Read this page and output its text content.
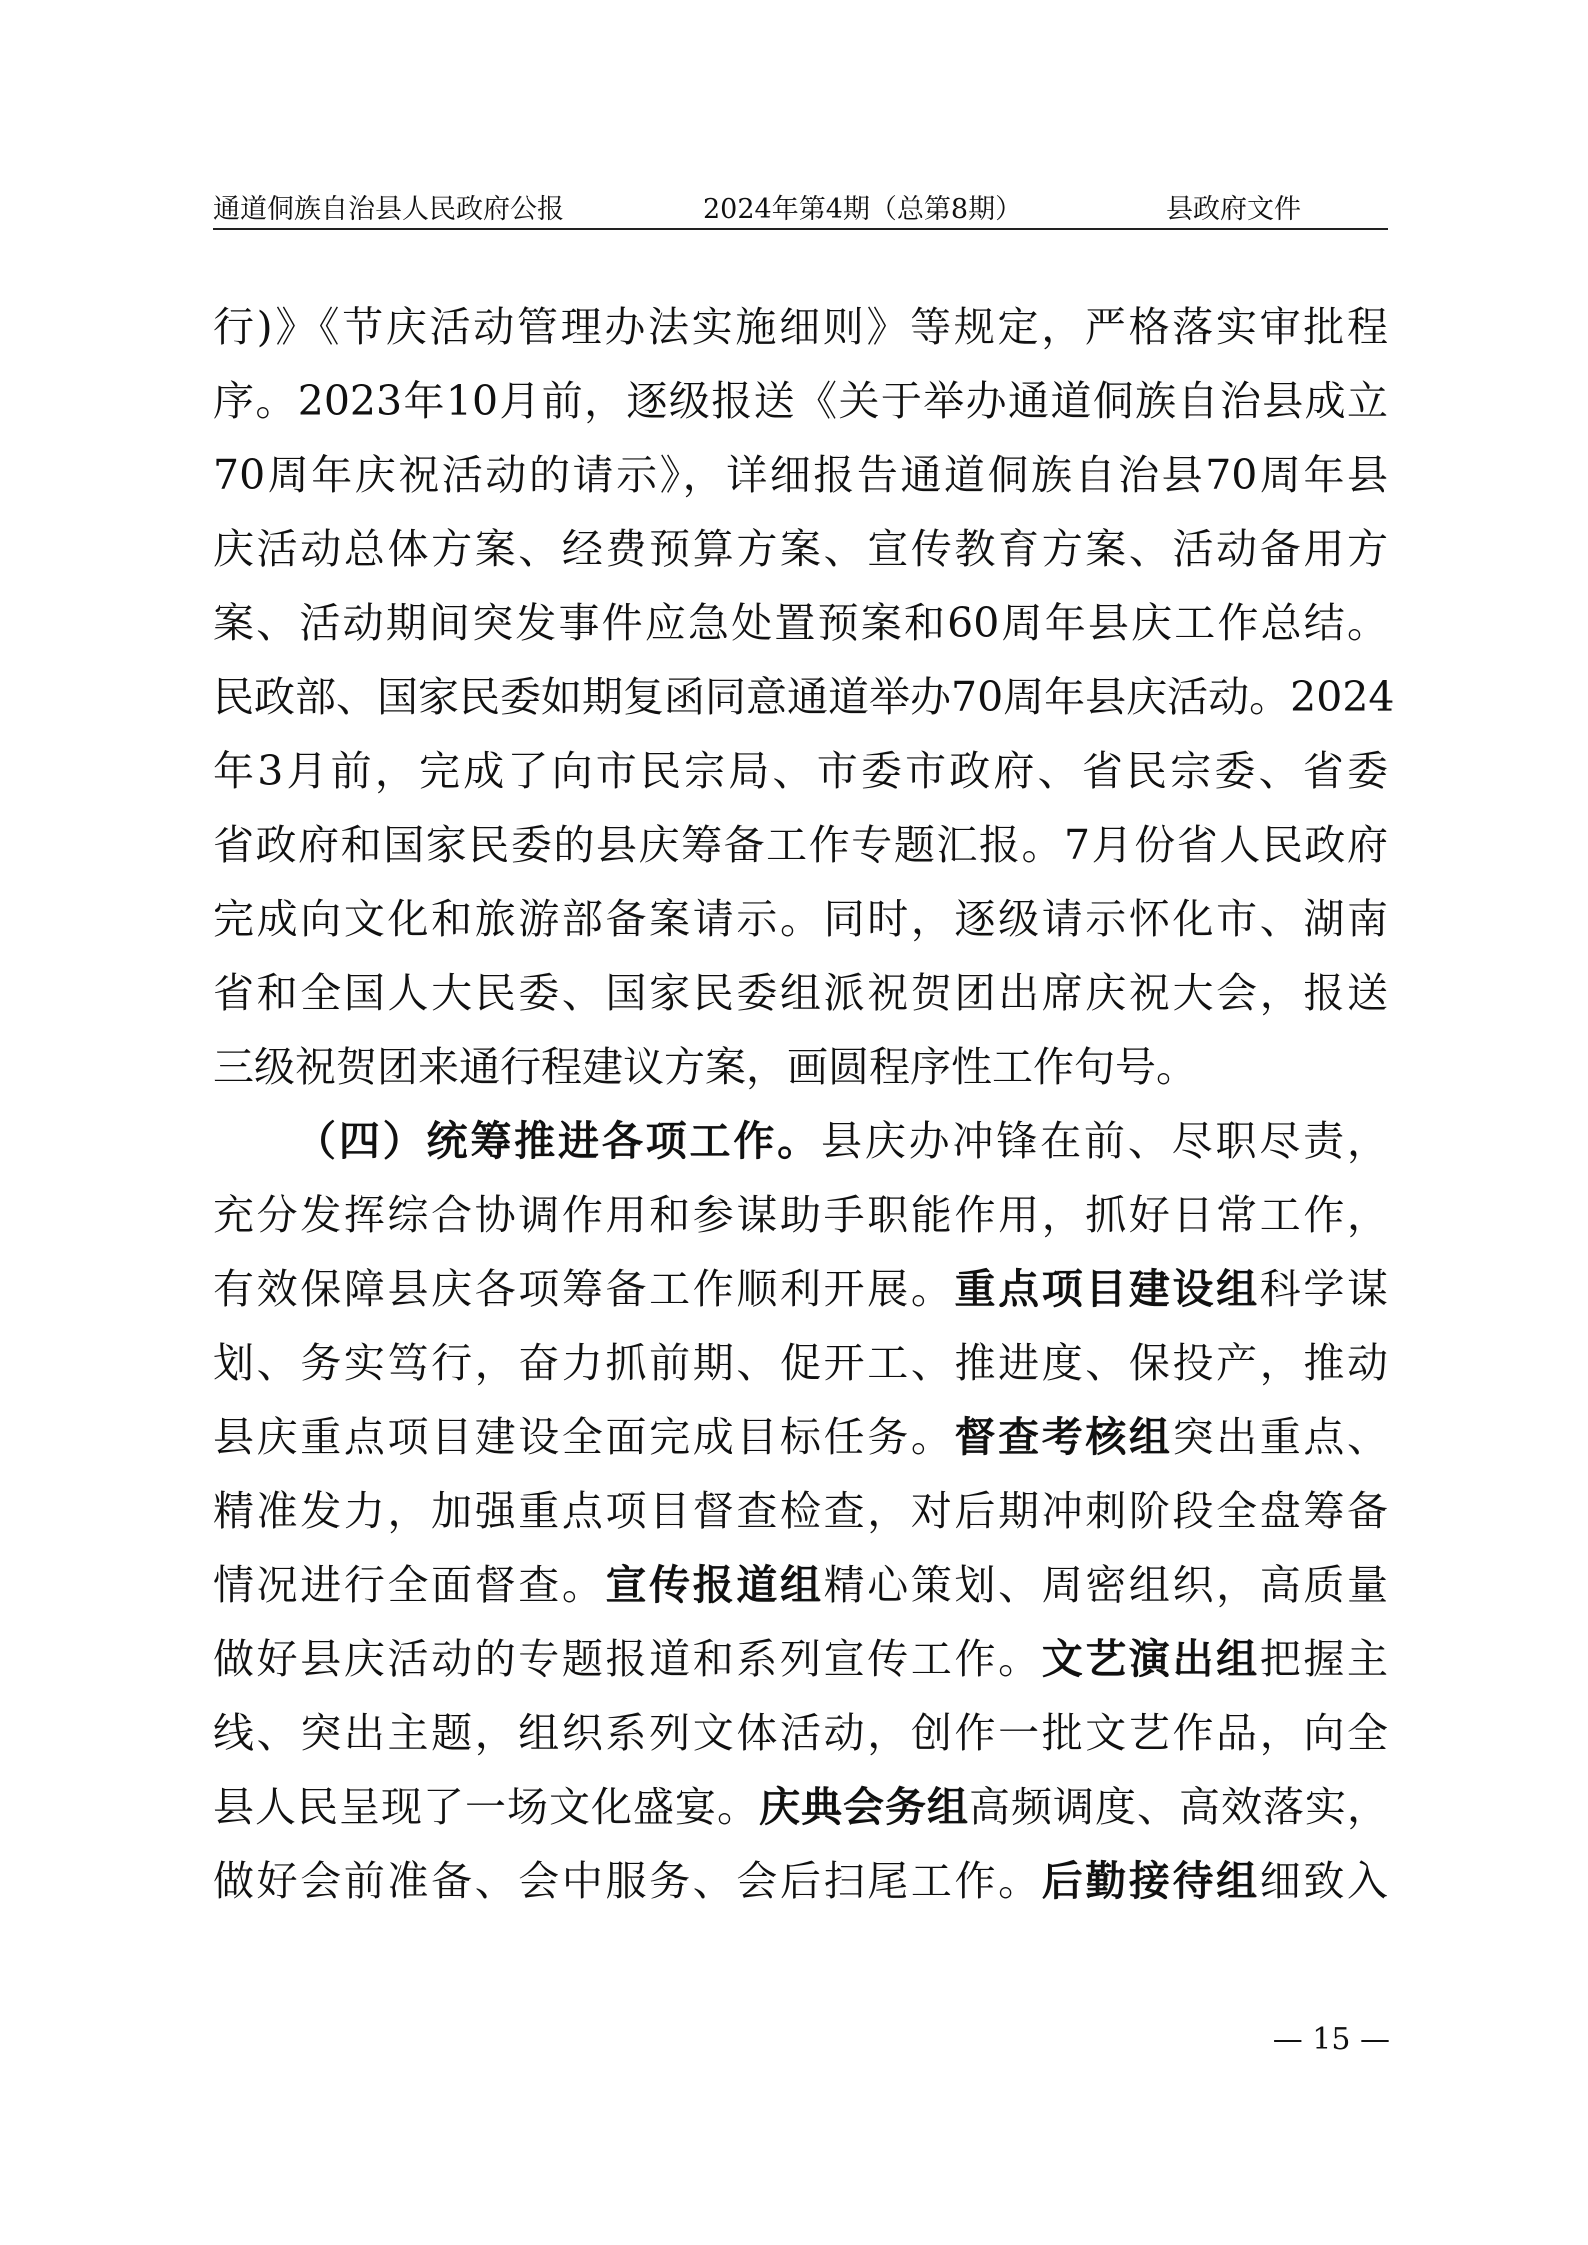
通道侗族自治县人民政府公报	2024年第4期（总第8期）	县政府文件
行)》《节庆活动管理办法实施细则》等规定，严格落实审批程
序。2023年10月前，逐级报送《关于举办通道侗族自治县成立
70周年庆祝活动的请示》，详细报告通道侗族自治县70周年县
庆活动总体方案、经费预算方案、宣传教育方案、活动备用方
案、活动期间突发事件应急处置预案和60周年县庆工作总结。
民政部、国家民委如期复函同意通道举办70周年县庆活动。2024
年3月前，完成了向市民宗局、市委市政府、省民宗委、省委
省政府和国家民委的县庆筹备工作专题汇报。7月份省人民政府
完成向文化和旅游部备案请示。同时，逐级请示怀化市、湖南
省和全国人大民委、国家民委组派祝贺团出席庆祝大会，报送
三级祝贺团来通行程建议方案，画圆程序性工作句号。
（四）统筹推进各项工作。县庆办冲锋在前、尽职尽责，
充分发挥综合协调作用和参谋助手职能作用，抓好日常工作，
有效保障县庆各项筹备工作顺利开展。重点项目建设组科学谋
划、务实笃行，奋力抓前期、促开工、推进度、保投产，推动
县庆重点项目建设全面完成目标任务。督查考核组突出重点、
精准发力，加强重点项目督查检查，对后期冲刺阶段全盘筹备
情况进行全面督查。宣传报道组精心策划、周密组织，高质量
做好县庆活动的专题报道和系列宣传工作。文艺演出组把握主
线、突出主题，组织系列文体活动，创作一批文艺作品，向全
县人民呈现了一场文化盛宴。庆典会务组高频调度、高效落实，
做好会前准备、会中服务、会后扫尾工作。后勤接待组细致入
— 15 —
